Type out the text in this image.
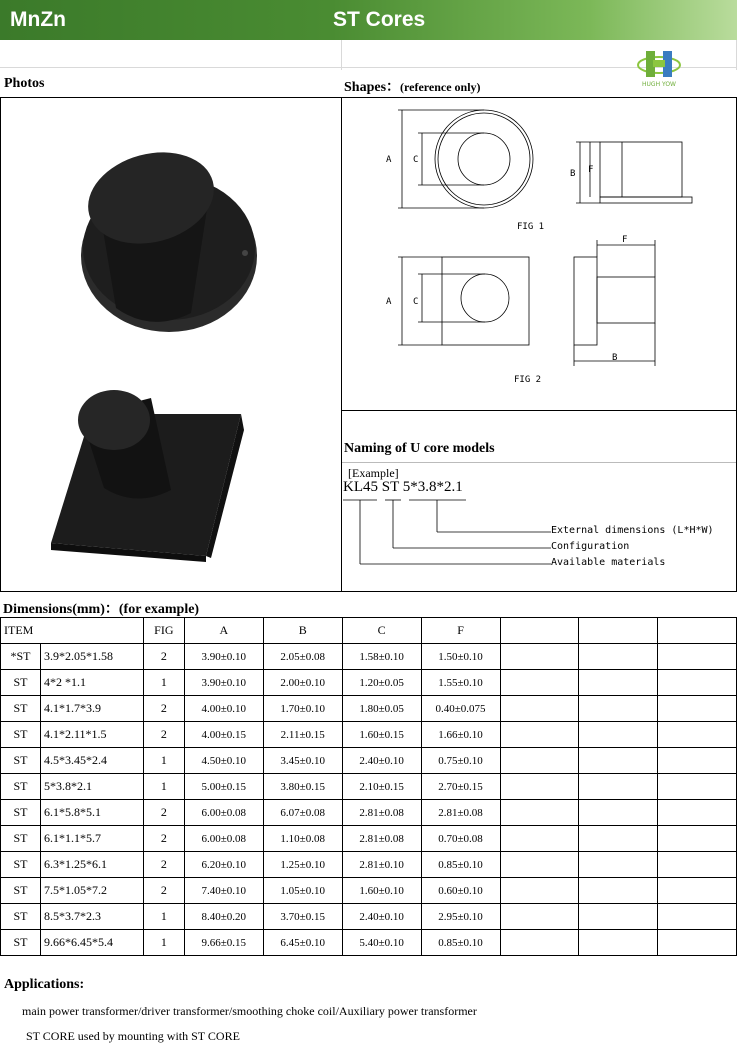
MnZn	ST Cores
HUGH YOW
Photos	Shapes：(reference only)
A C
B F
FIG 1
A C
F
B
FIG 2
Naming of U core models
[Example]
KL45 ST 5*3.8*2.1
External dimensions (L*H*W)
Configuration
Available materials
Dimensions(mm)：(for example)
ITEM		FIG	A	B	C	F			
*ST	3.9*2.05*1.58	2	3.90±0.10	2.05±0.08	1.58±0.10	1.50±0.10			
ST	4*2 *1.1	1	3.90±0.10	2.00±0.10	1.20±0.05	1.55±0.10			
ST	4.1*1.7*3.9	2	4.00±0.10	1.70±0.10	1.80±0.05	0.40±0.075			
ST	4.1*2.11*1.5	2	4.00±0.15	2.11±0.15	1.60±0.15	1.66±0.10			
ST	4.5*3.45*2.4	1	4.50±0.10	3.45±0.10	2.40±0.10	0.75±0.10			
ST	5*3.8*2.1	1	5.00±0.15	3.80±0.15	2.10±0.15	2.70±0.15			
ST	6.1*5.8*5.1	2	6.00±0.08	6.07±0.08	2.81±0.08	2.81±0.08			
ST	6.1*1.1*5.7	2	6.00±0.08	1.10±0.08	2.81±0.08	0.70±0.08			
ST	6.3*1.25*6.1	2	6.20±0.10	1.25±0.10	2.81±0.10	0.85±0.10			
ST	7.5*1.05*7.2	2	7.40±0.10	1.05±0.10	1.60±0.10	0.60±0.10			
ST	8.5*3.7*2.3	1	8.40±0.20	3.70±0.15	2.40±0.10	2.95±0.10			
ST	9.66*6.45*5.4	1	9.66±0.15	6.45±0.10	5.40±0.10	0.85±0.10			
Applications:
main power transformer/driver transformer/smoothing choke coil/Auxiliary power transformer
ST CORE used by mounting with ST CORE
